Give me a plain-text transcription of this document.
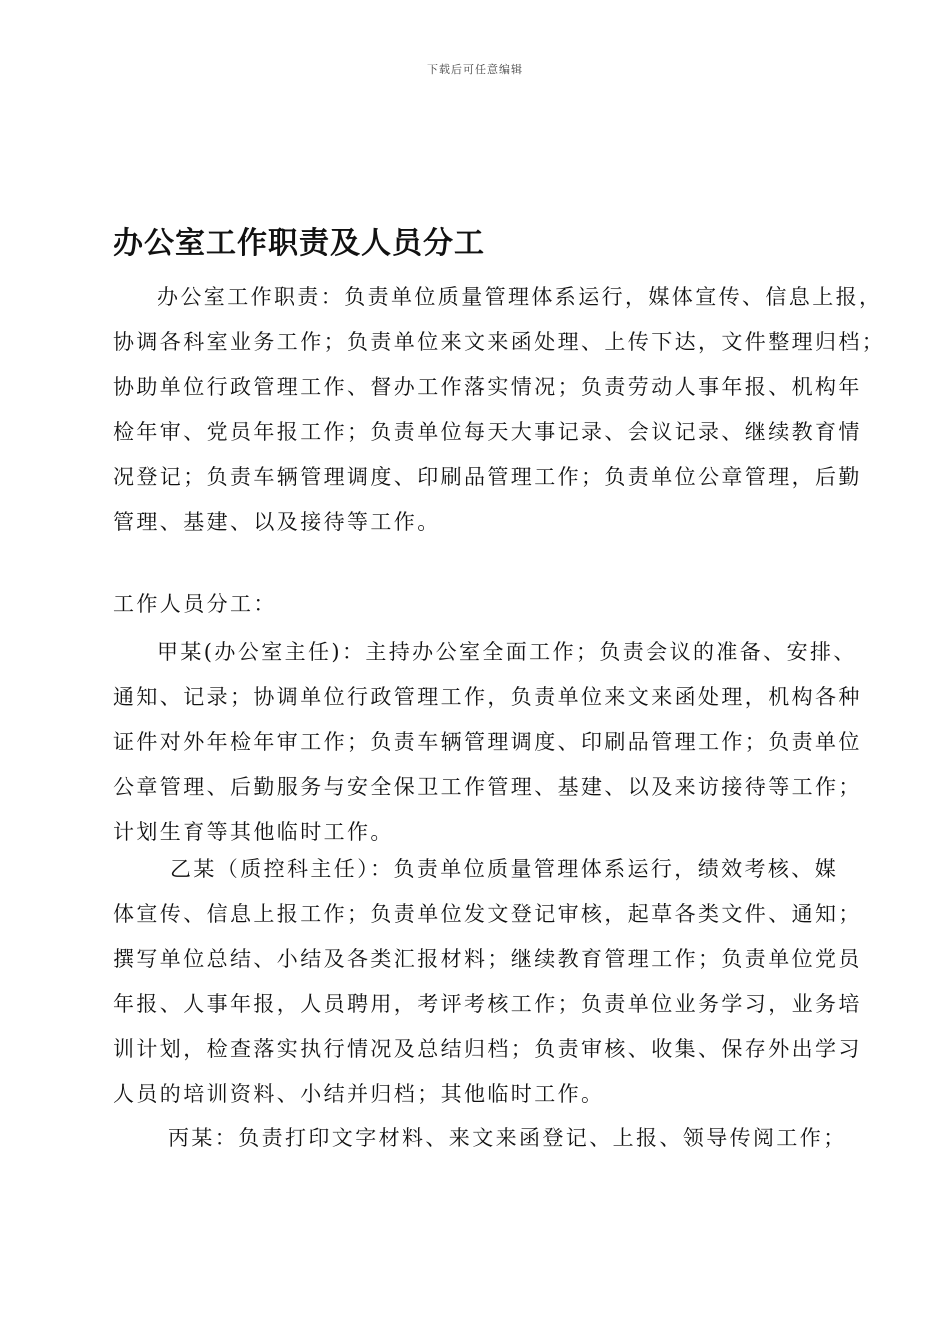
下载后可任意编辑
办公室工作职责及人员分工

办公室工作职责：负责单位质量管理体系运行，媒体宣传、信息上报，
协调各科室业务工作；负责单位来文来函处理、上传下达，文件整理归档；
协助单位行政管理工作、督办工作落实情况；负责劳动人事年报、机构年
检年审、党员年报工作；负责单位每天大事记录、会议记录、继续教育情
况登记；负责车辆管理调度、印刷品管理工作；负责单位公章管理，后勤
管理、基建、以及接待等工作。

工作人员分工：

甲某(办公室主任)：主持办公室全面工作；负责会议的准备、安排、
通知、记录；协调单位行政管理工作，负责单位来文来函处理，机构各种
证件对外年检年审工作；负责车辆管理调度、印刷品管理工作；负责单位
公章管理、后勤服务与安全保卫工作管理、基建、以及来访接待等工作；
计划生育等其他临时工作。

乙某（质控科主任）：负责单位质量管理体系运行，绩效考核、媒
体宣传、信息上报工作；负责单位发文登记审核，起草各类文件、通知；
撰写单位总结、小结及各类汇报材料；继续教育管理工作；负责单位党员
年报、人事年报，人员聘用，考评考核工作；负责单位业务学习，业务培
训计划，检查落实执行情况及总结归档；负责审核、收集、保存外出学习
人员的培训资料、小结并归档；其他临时工作。

丙某：负责打印文字材料、来文来函登记、上报、领导传阅工作；
